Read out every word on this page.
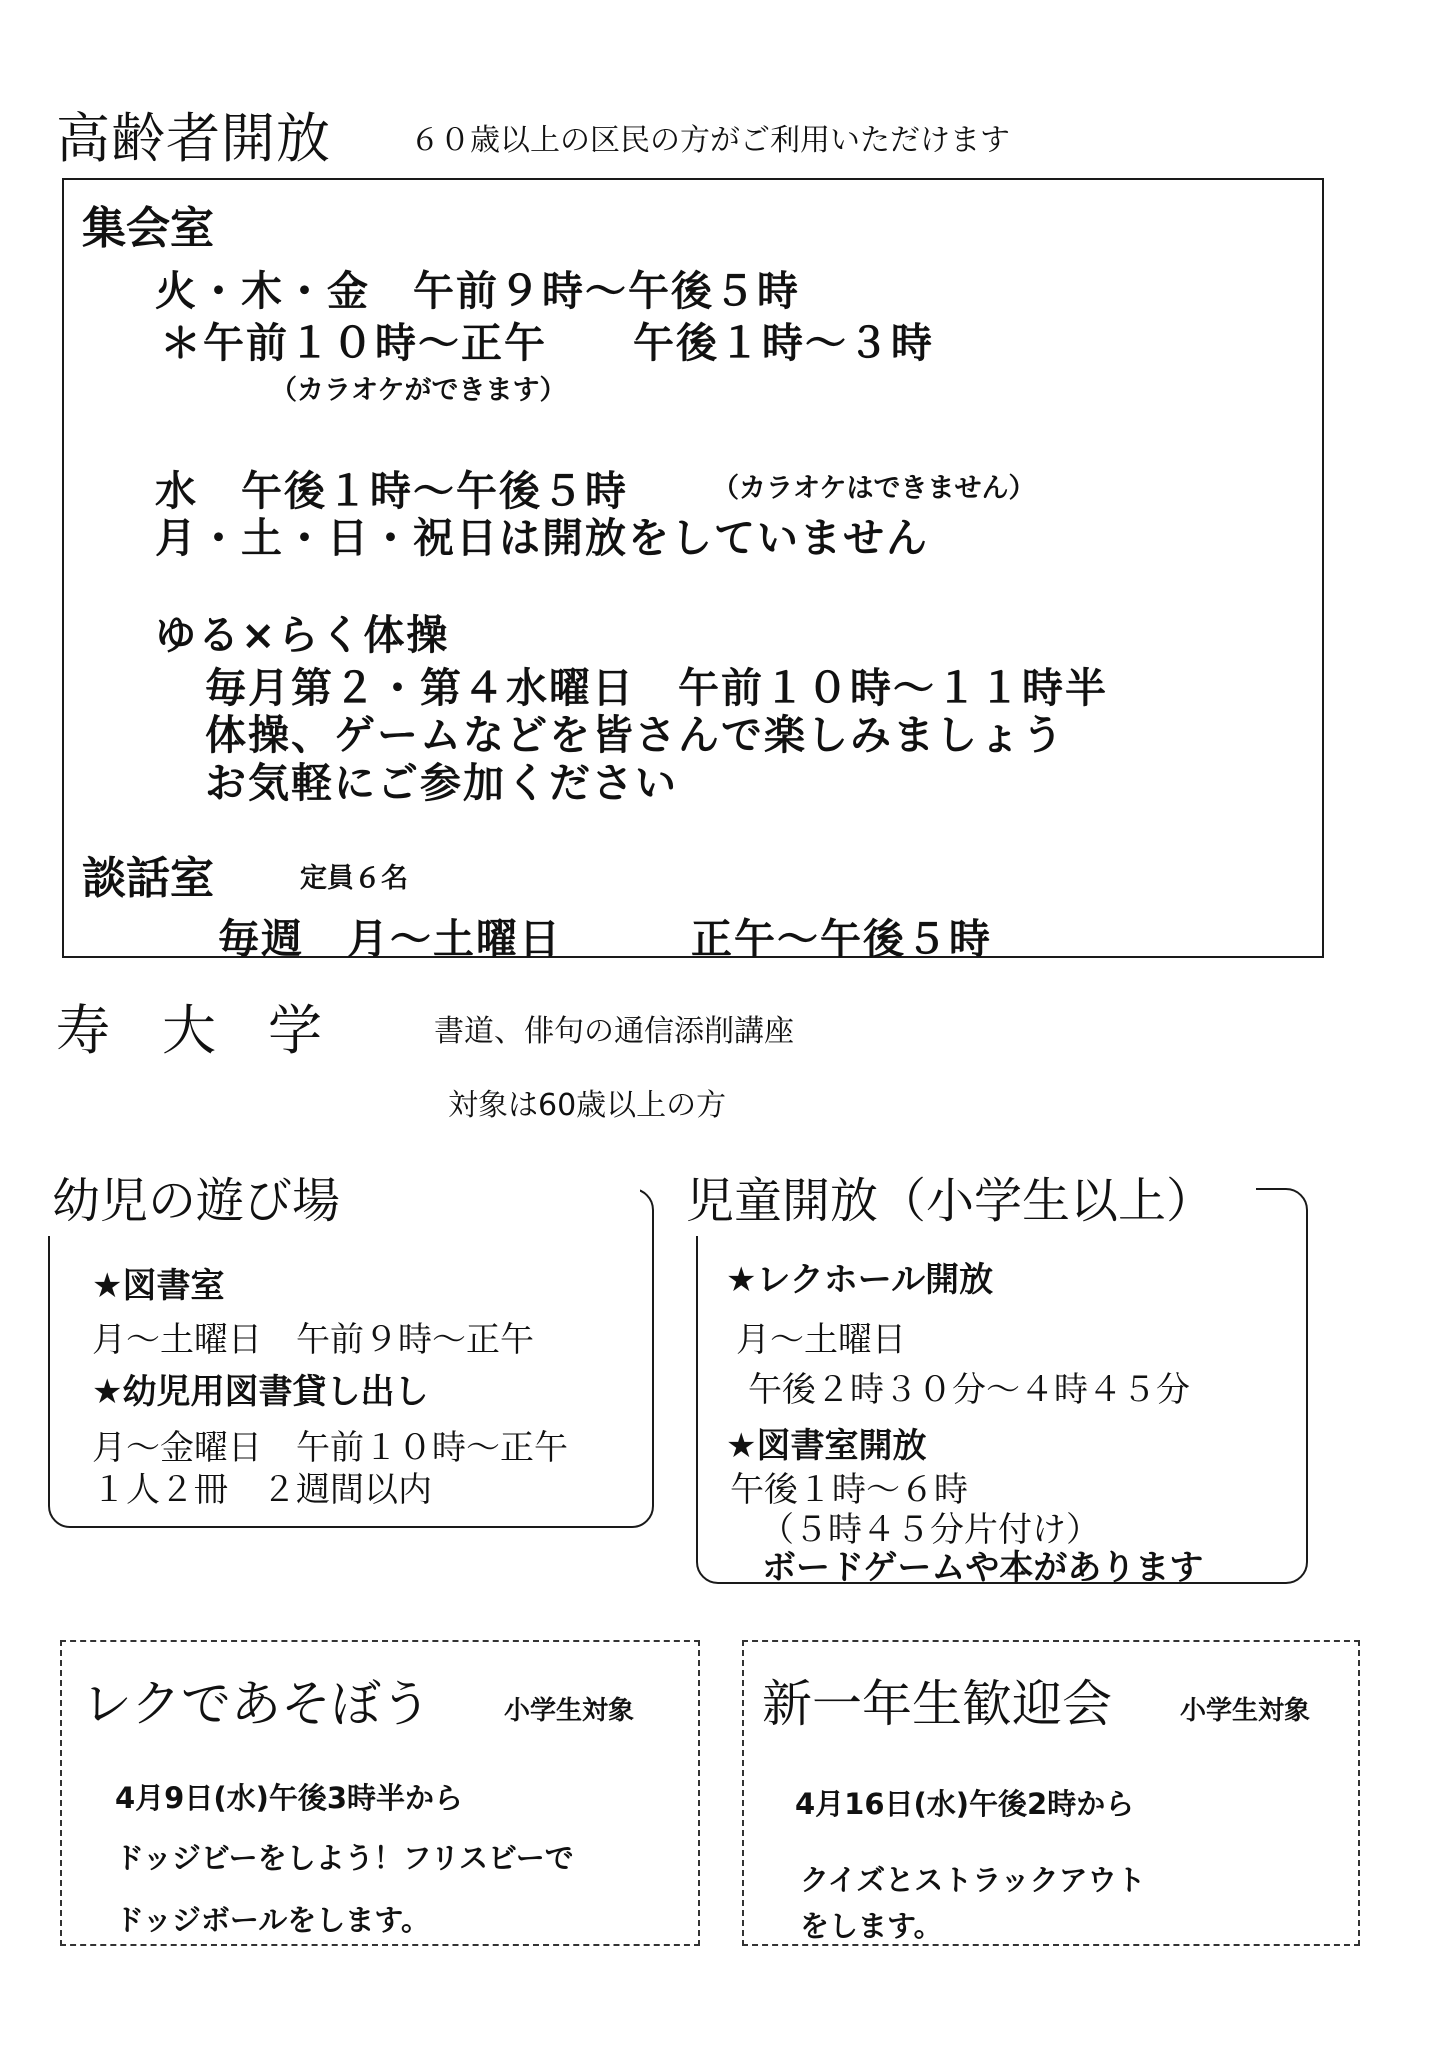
高齢者開放	６０歳以上の区民の方がご利用いただけます
集会室
火・木・金　午前９時～午後５時
＊午前１０時～正午　　午後１時～３時
（カラオケができます）
水　午後１時～午後５時	（カラオケはできません）
月・土・日・祝日は開放をしていません
ゆる×らく体操
毎月第２・第４水曜日　午前１０時～１１時半
体操、ゲームなどを皆さんで楽しみましょう
お気軽にご参加ください
談話室	定員６名
毎週　月～土曜日　　　正午～午後５時
寿大学 書道、俳句の通信添削講座
対象は60歳以上の方
幼児の遊び場
★図書室
月～土曜日　午前９時～正午
★幼児用図書貸し出し
月～金曜日　午前１０時～正午
１人２冊　２週間以内
児童開放（小学生以上）
★レクホール開放
月～土曜日
午後２時３０分～４時４５分
★図書室開放
午後１時～６時
（５時４５分片付け）
ボードゲームや本があります
レクであそぼう	小学生対象
4月9日(水)午後3時半から
ドッジビーをしよう！フリスビーで
ドッジボールをします。
新一年生歓迎会	小学生対象
4月16日(水)午後2時から
クイズとストラックアウト
をします。
